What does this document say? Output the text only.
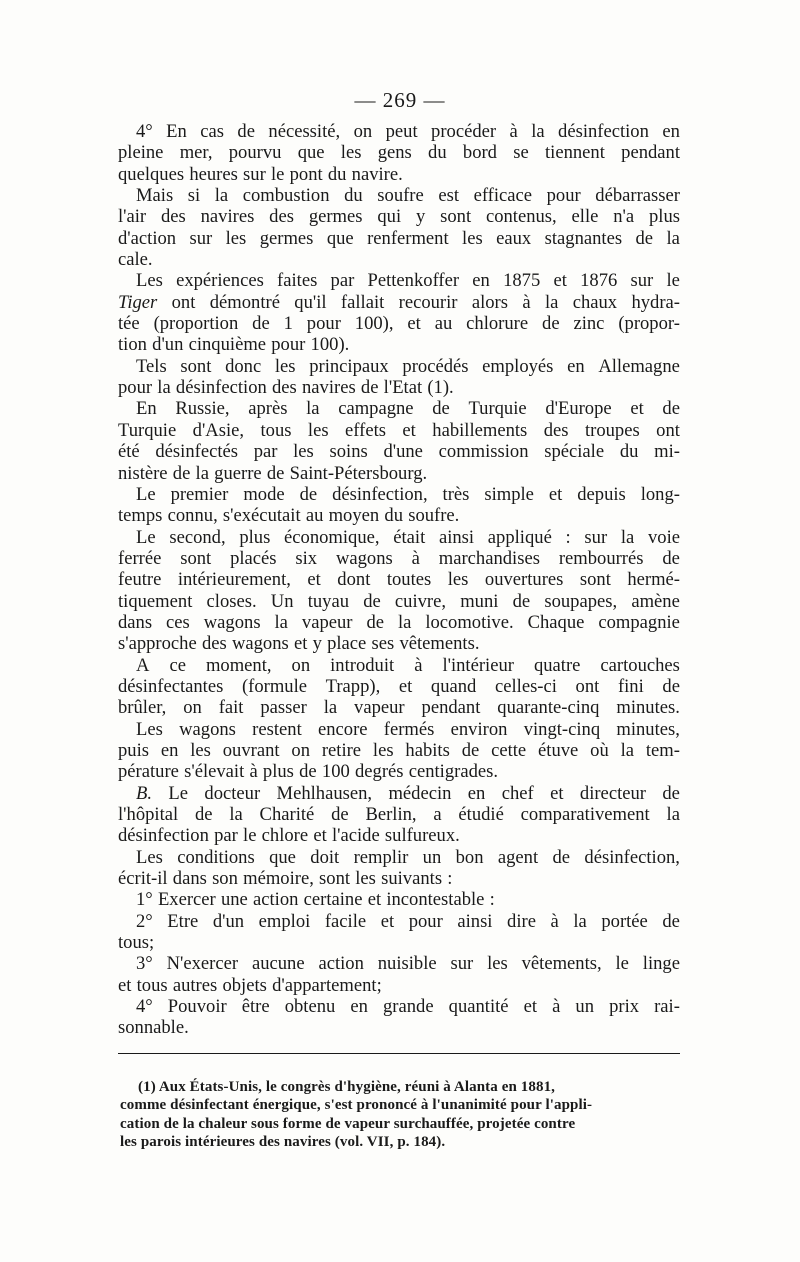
— 269 —
4° En cas de nécessité, on peut procéder à la désinfection en
pleine mer, pourvu que les gens du bord se tiennent pendant
quelques heures sur le pont du navire.
Mais si la combustion du soufre est efficace pour débarrasser
l'air des navires des germes qui y sont contenus, elle n'a plus
d'action sur les germes que renferment les eaux stagnantes de la
cale.
Les expériences faites par Pettenkoffer en 1875 et 1876 sur le
Tiger ont démontré qu'il fallait recourir alors à la chaux hydra-
tée (proportion de 1 pour 100), et au chlorure de zinc (propor-
tion d'un cinquième pour 100).
Tels sont donc les principaux procédés employés en Allemagne
pour la désinfection des navires de l'Etat (1).
En Russie, après la campagne de Turquie d'Europe et de
Turquie d'Asie, tous les effets et habillements des troupes ont
été désinfectés par les soins d'une commission spéciale du mi-
nistère de la guerre de Saint-Pétersbourg.
Le premier mode de désinfection, très simple et depuis long-
temps connu, s'exécutait au moyen du soufre.
Le second, plus économique, était ainsi appliqué : sur la voie
ferrée sont placés six wagons à marchandises rembourrés de
feutre intérieurement, et dont toutes les ouvertures sont hermé-
tiquement closes. Un tuyau de cuivre, muni de soupapes, amène
dans ces wagons la vapeur de la locomotive. Chaque compagnie
s'approche des wagons et y place ses vêtements.
A ce moment, on introduit à l'intérieur quatre cartouches
désinfectantes (formule Trapp), et quand celles-ci ont fini de
brûler, on fait passer la vapeur pendant quarante-cinq minutes.
Les wagons restent encore fermés environ vingt-cinq minutes,
puis en les ouvrant on retire les habits de cette étuve où la tem-
pérature s'élevait à plus de 100 degrés centigrades.
B. Le docteur Mehlhausen, médecin en chef et directeur de
l'hôpital de la Charité de Berlin, a étudié comparativement la
désinfection par le chlore et l'acide sulfureux.
Les conditions que doit remplir un bon agent de désinfection,
écrit-il dans son mémoire, sont les suivants :
1° Exercer une action certaine et incontestable :
2° Etre d'un emploi facile et pour ainsi dire à la portée de
tous;
3° N'exercer aucune action nuisible sur les vêtements, le linge
et tous autres objets d'appartement;
4° Pouvoir être obtenu en grande quantité et à un prix rai-
sonnable.
(1) Aux États-Unis, le congrès d'hygiène, réuni à Alanta en 1881,
comme désinfectant énergique, s'est prononcé à l'unanimité pour l'appli-
cation de la chaleur sous forme de vapeur surchauffée, projetée contre
les parois intérieures des navires (vol. VII, p. 184).
